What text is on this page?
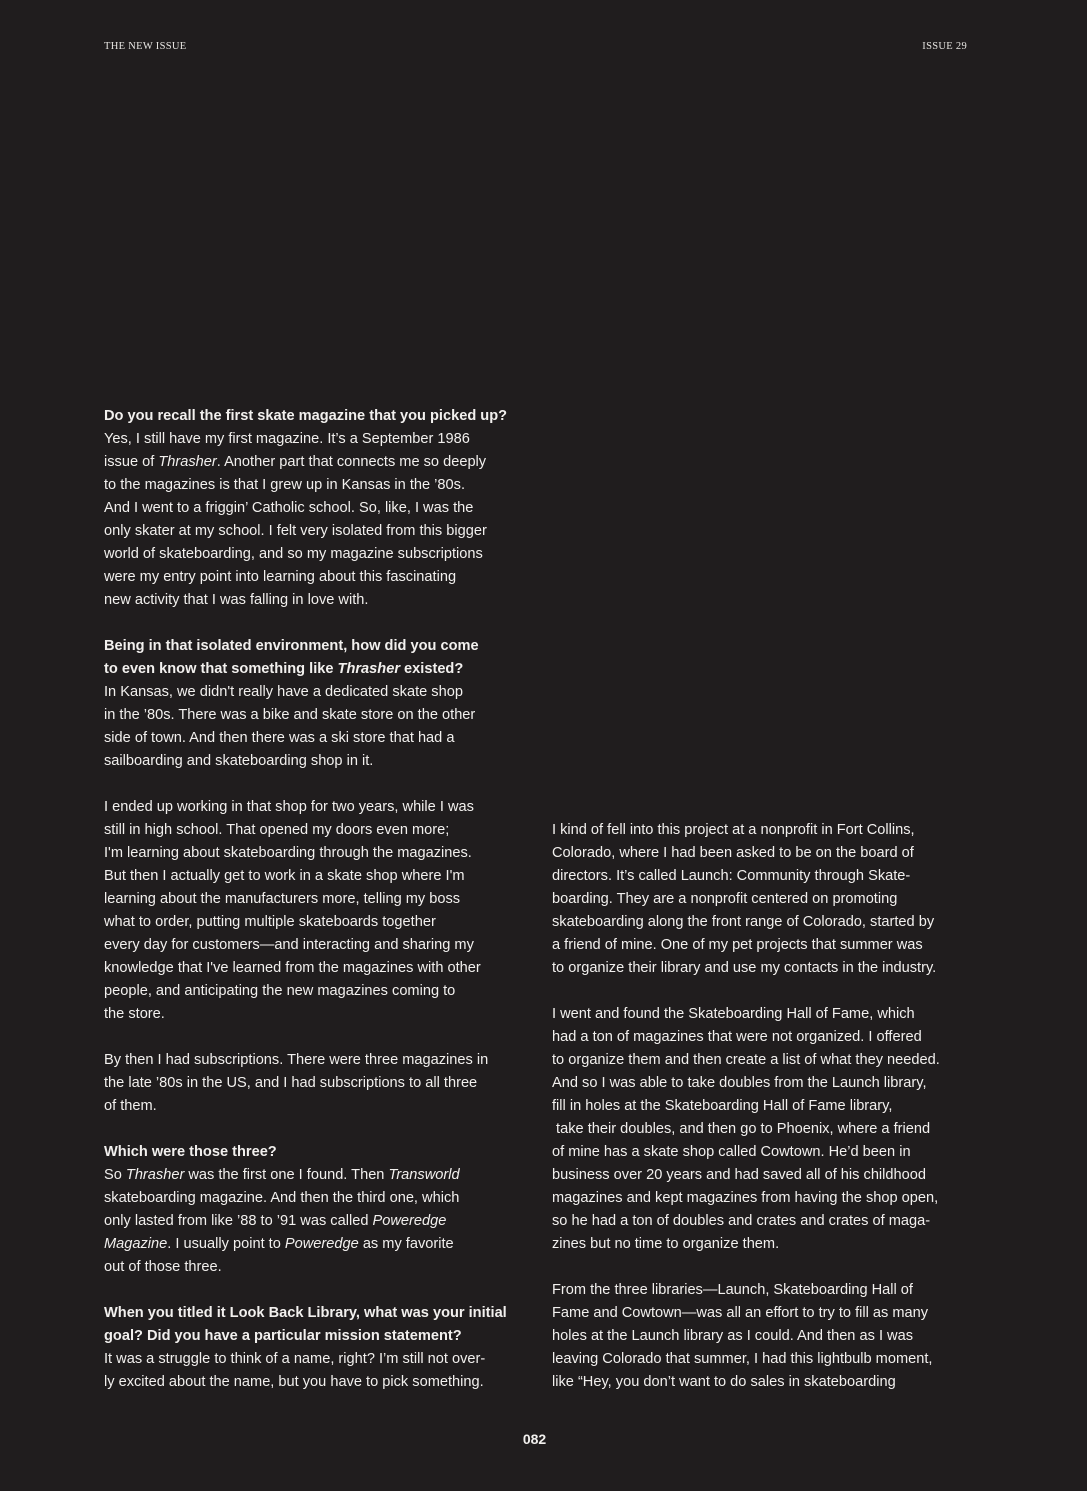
THE NEW ISSUE	ISSUE 29
Do you recall the first skate magazine that you picked up?
Yes, I still have my first magazine. It’s a September 1986
issue of Thrasher. Another part that connects me so deeply
to the magazines is that I grew up in Kansas in the ’80s.
And I went to a friggin’ Catholic school. So, like, I was the
only skater at my school. I felt very isolated from this bigger
world of skateboarding, and so my magazine subscriptions
were my entry point into learning about this fascinating
new activity that I was falling in love with.
Being in that isolated environment, how did you come
to even know that something like Thrasher existed?
In Kansas, we didn't really have a dedicated skate shop
in the ’80s. There was a bike and skate store on the other
side of town. And then there was a ski store that had a
sailboarding and skateboarding shop in it.
I ended up working in that shop for two years, while I was
still in high school. That opened my doors even more;
I'm learning about skateboarding through the magazines.
But then I actually get to work in a skate shop where I'm
learning about the manufacturers more, telling my boss
what to order, putting multiple skateboards together
every day for customers—and interacting and sharing my
knowledge that I've learned from the magazines with other
people, and anticipating the new magazines coming to
the store.
By then I had subscriptions. There were three magazines in
the late ’80s in the US, and I had subscriptions to all three
of them.
Which were those three?
So Thrasher was the first one I found. Then Transworld
skateboarding magazine. And then the third one, which
only lasted from like ’88 to ’91 was called Poweredge
Magazine. I usually point to Poweredge as my favorite
out of those three.
When you titled it Look Back Library, what was your initial
goal? Did you have a particular mission statement?
It was a struggle to think of a name, right? I’m still not over-
ly excited about the name, but you have to pick something.
I kind of fell into this project at a nonprofit in Fort Collins,
Colorado, where I had been asked to be on the board of
directors. It’s called Launch: Community through Skate-
boarding. They are a nonprofit centered on promoting
skateboarding along the front range of Colorado, started by
a friend of mine. One of my pet projects that summer was
to organize their library and use my contacts in the industry.
I went and found the Skateboarding Hall of Fame, which
had a ton of magazines that were not organized. I offered
to organize them and then create a list of what they needed.
And so I was able to take doubles from the Launch library,
fill in holes at the Skateboarding Hall of Fame library,
take their doubles, and then go to Phoenix, where a friend
of mine has a skate shop called Cowtown. He’d been in
business over 20 years and had saved all of his childhood
magazines and kept magazines from having the shop open,
so he had a ton of doubles and crates and crates of maga-
zines but no time to organize them.
From the three libraries—Launch, Skateboarding Hall of
Fame and Cowtown—was all an effort to try to fill as many
holes at the Launch library as I could. And then as I was
leaving Colorado that summer, I had this lightbulb moment,
like “Hey, you don’t want to do sales in skateboarding
082
